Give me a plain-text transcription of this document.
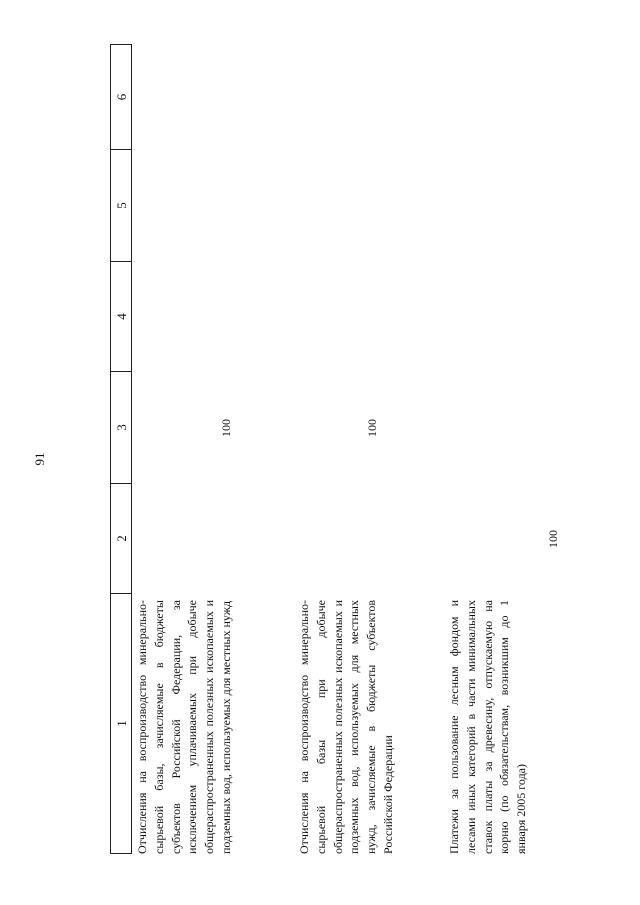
91
1
2
3
4
5
6
Отчисления на воспроизводство минерально-сырьевой базы, зачисляемые в бюджеты субъектов Российской Федерации, за исключением уплачиваемых при добыче общераспространенных полезных ископаемых и подземных вод, используемых для местных нужд
100
Отчисления на воспроизводство минерально-сырьевой базы при добыче общераспространенных полезных ископаемых и подземных вод, используемых для местных нужд, зачисляемые в бюджеты субъектов Российской Федерации
100
Платежи за пользование лесным фондом и лесами иных категорий в части минимальных ставок платы за древесину, отпускаемую на корню (по обязательствам, возникшим до 1 января 2005 года)
100
